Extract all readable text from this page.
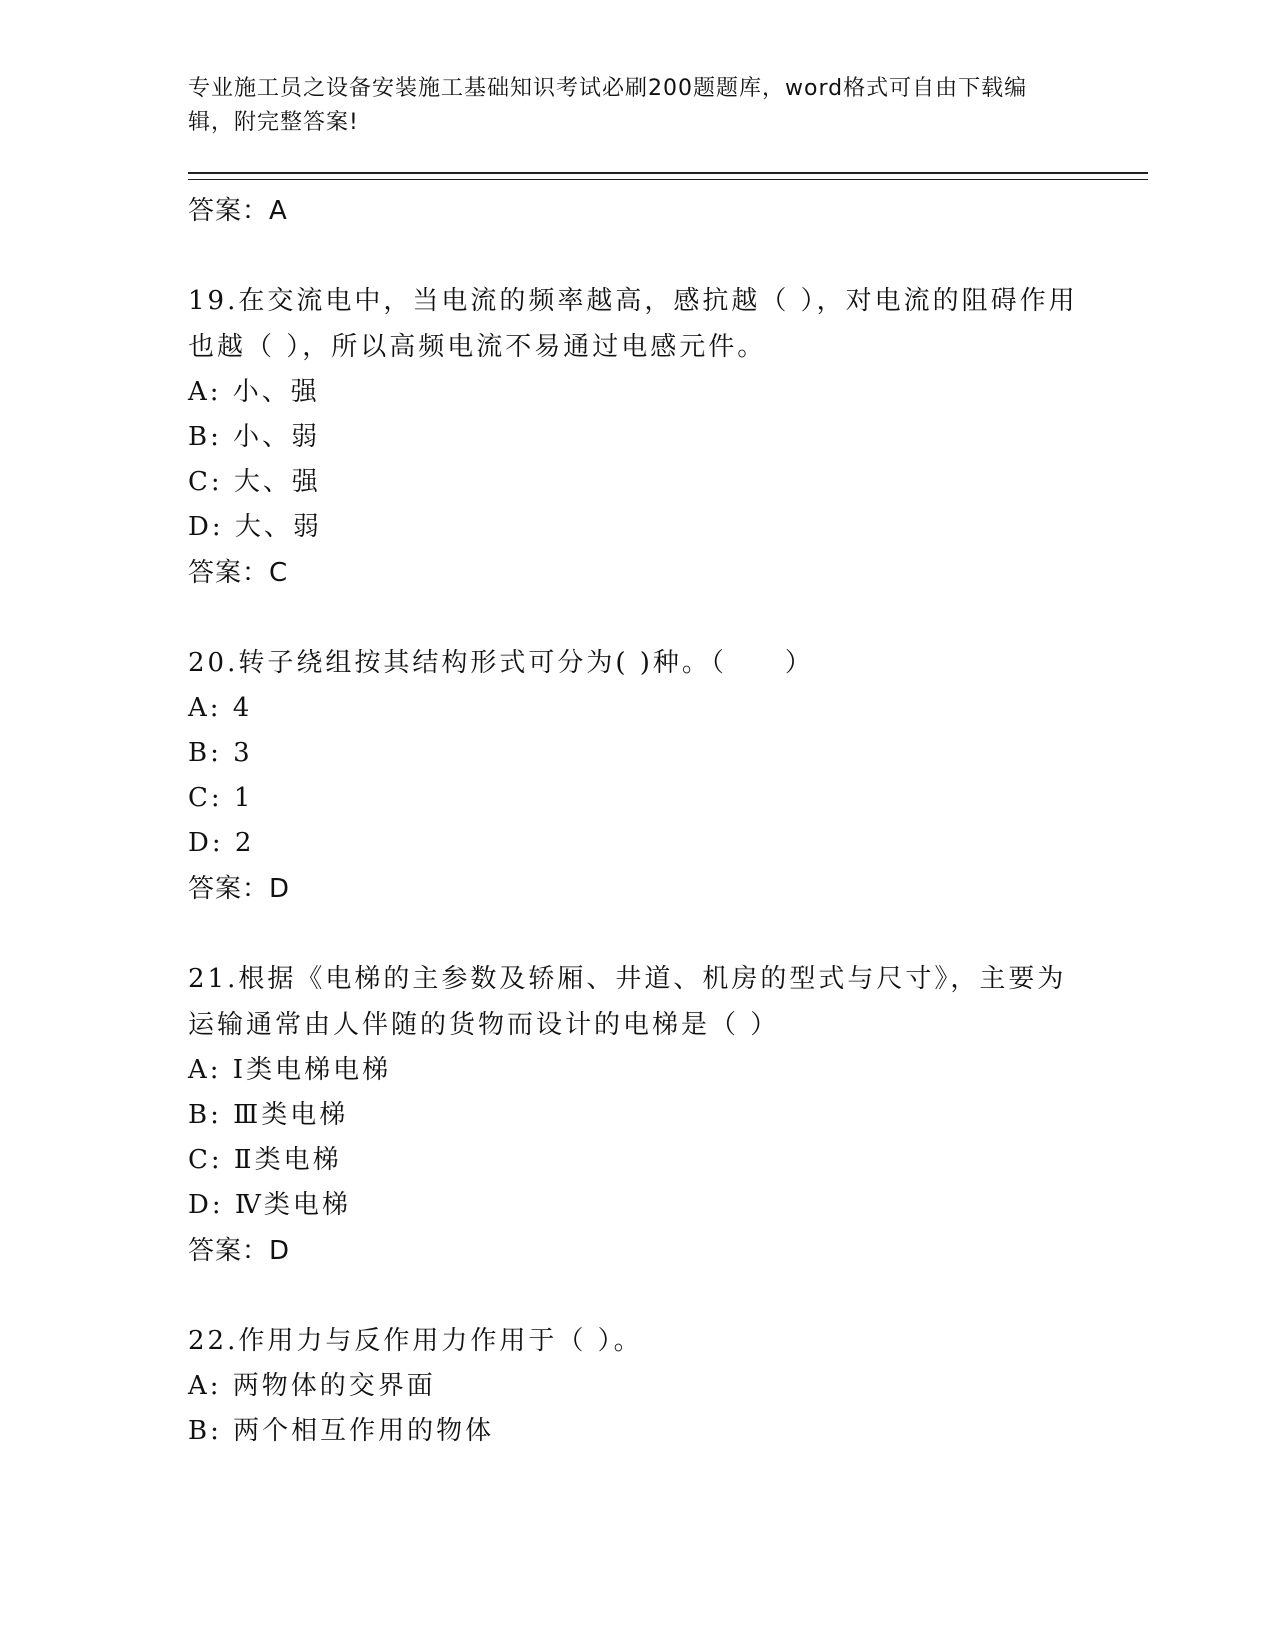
专业施工员之设备安装施工基础知识考试必刷200题题库，word格式可自由下载编辑，附完整答案!
答案：A
19.在交流电中，当电流的频率越高，感抗越（ ），对电流的阻碍作用也越（ ），所以高频电流不易通过电感元件。
A: 小、强
B: 小、弱
C: 大、强
D: 大、弱
答案：C
20.转子绕组按其结构形式可分为( )种。（　　）
A: 4
B: 3
C: 1
D: 2
答案：D
21.根据《电梯的主参数及轿厢、井道、机房的型式与尺寸》，主要为运输通常由人伴随的货物而设计的电梯是（ ）
A: Ⅰ类电梯电梯
B: Ⅲ类电梯
C: Ⅱ类电梯
D: Ⅳ类电梯
答案：D
22.作用力与反作用力作用于（ ）。
A: 两物体的交界面
B: 两个相互作用的物体
